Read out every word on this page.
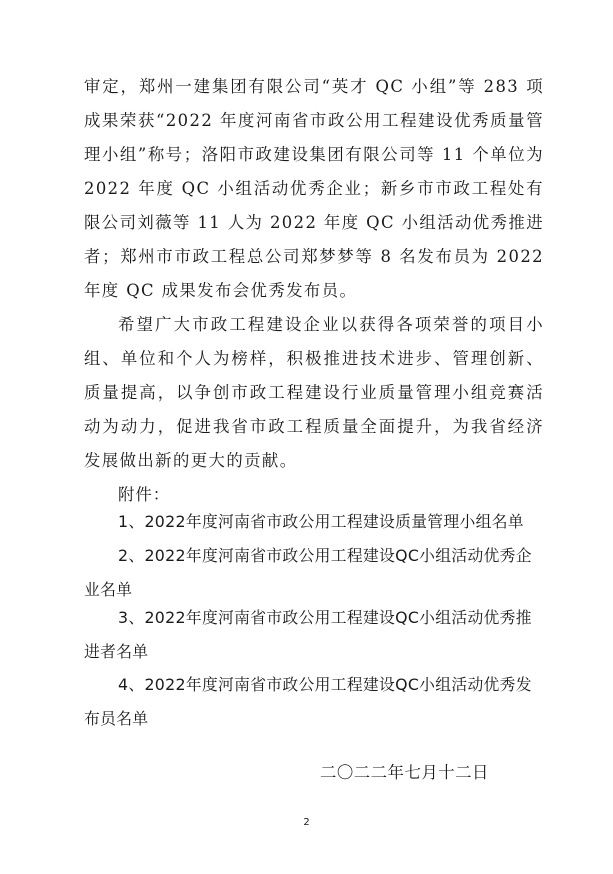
审定，郑州一建集团有限公司“英才 QC 小组”等 283 项成果荣获“2022 年度河南省市政公用工程建设优秀质量管理小组”称号；洛阳市政建设集团有限公司等 11 个单位为 2022 年度 QC 小组活动优秀企业；新乡市市政工程处有限公司刘薇等 11 人为 2022 年度 QC 小组活动优秀推进者；郑州市市政工程总公司郑梦梦等 8 名发布员为 2022 年度 QC 成果发布会优秀发布员。

希望广大市政工程建设企业以获得各项荣誉的项目小组、单位和个人为榜样，积极推进技术进步、管理创新、质量提高，以争创市政工程建设行业质量管理小组竞赛活动为动力，促进我省市政工程质量全面提升，为我省经济发展做出新的更大的贡献。

附件：

1、2022年度河南省市政公用工程建设质量管理小组名单

2、2022年度河南省市政公用工程建设QC小组活动优秀企业名单

3、2022年度河南省市政公用工程建设QC小组活动优秀推进者名单

4、2022年度河南省市政公用工程建设QC小组活动优秀发布员名单

二〇二二年七月十二日

2
